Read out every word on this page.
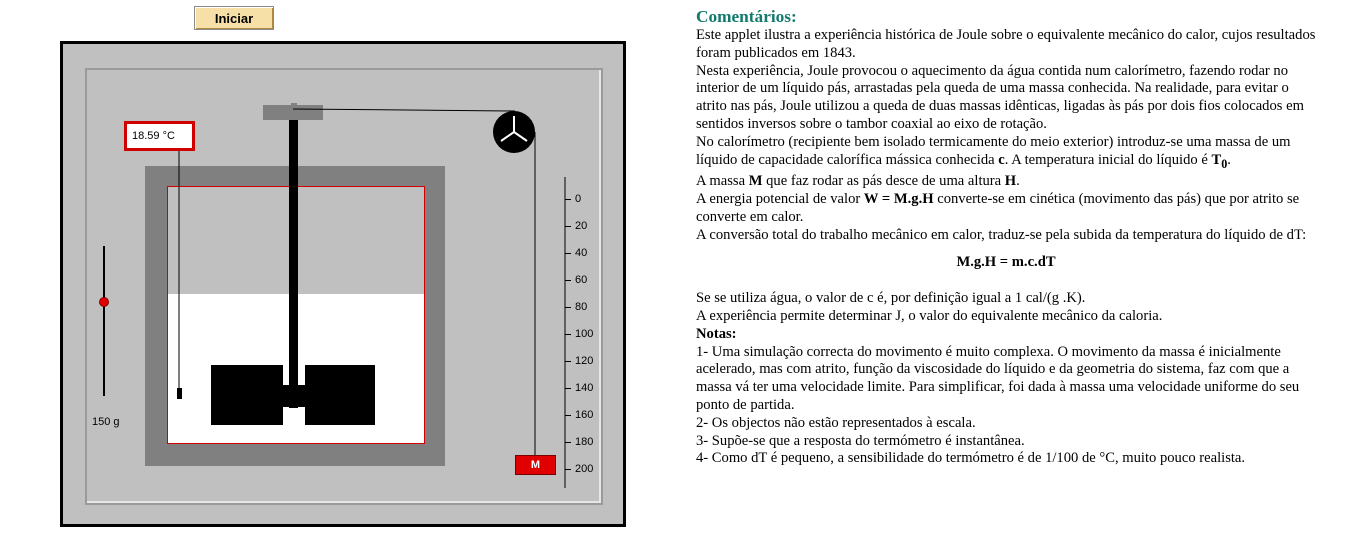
Iniciar
0
20
40
60
80
100
120
140
160
180
200
18.59 °C
M
150 g
Comentários:

Este applet ilustra a experiência histórica de Joule sobre o equivalente mecânico do calor, cujos resultados foram publicados em 1843.

Nesta experiência, Joule provocou o aquecimento da água contida num calorímetro, fazendo rodar no interior de um líquido pás, arrastadas pela queda de uma massa conhecida. Na realidade, para evitar o atrito nas pás, Joule utilizou a queda de duas massas idênticas, ligadas às pás por dois fios colocados em sentidos inversos sobre o tambor coaxial ao eixo de rotação.

No calorímetro (recipiente bem isolado termicamente do meio exterior) introduz-se uma massa de um líquido de capacidade calorífica mássica conhecida c. A temperatura inicial do líquido é $T_0$.

A massa M que faz rodar as pás desce de uma altura H.

A energia potencial de valor W = M.g.H converte-se em cinética (movimento das pás) que por atrito se converte em calor.

A conversão total do trabalho mecânico em calor, traduz-se pela subida da temperatura do líquido de dT:

M.g.H = m.c.dT

Se se utiliza água, o valor de c é, por definição igual a 1 cal/(g .K).

A experiência permite determinar J, o valor do equivalente mecânico da caloria.

Notas:

1- Uma simulação correcta do movimento é muito complexa. O movimento da massa é inicialmente acelerado, mas com atrito, função da viscosidade do líquido e da geometria do sistema, faz com que a massa vá ter uma velocidade limite. Para simplificar, foi dada à massa uma velocidade uniforme do seu ponto de partida.

2- Os objectos não estão representados à escala.

3- Supõe-se que a resposta do termómetro é instantânea.

4- Como dT é pequeno, a sensibilidade do termómetro é de 1/100 de °C, muito pouco realista.
